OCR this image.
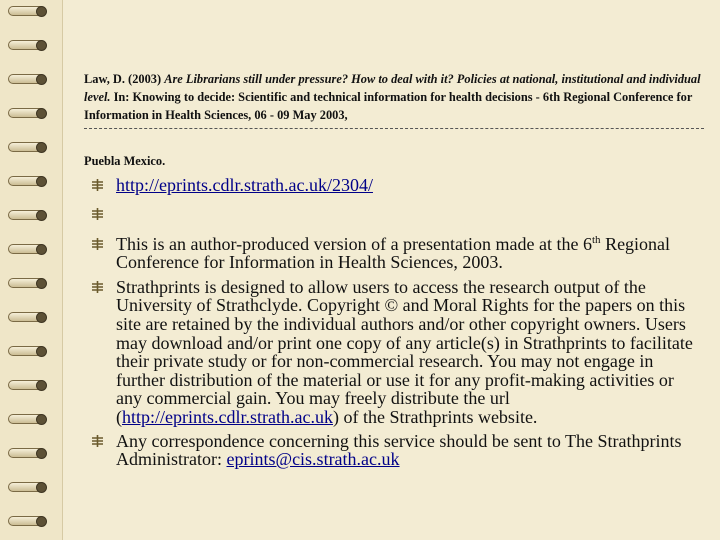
Law, D. (2003) Are Librarians still under pressure? How to deal with it? Policies at national, institutional and individual level. In: Knowing to decide: Scientific and technical information for health decisions - 6th Regional Conference for Information in Health Sciences, 06 - 09 May 2003,
Puebla Mexico.
http://eprints.cdlr.strath.ac.uk/2304/
This is an author-produced version of a presentation made at the 6th Regional Conference for Information in Health Sciences, 2003.
Strathprints is designed to allow users to access the research output of the University of Strathclyde. Copyright © and Moral Rights for the papers on this site are retained by the individual authors and/or other copyright owners. Users may download and/or print one copy of any article(s) in Strathprints to facilitate their private study or for non-commercial research. You may not engage in further distribution of the material or use it for any profit-making activities or any commercial gain. You may freely distribute the url (http://eprints.cdlr.strath.ac.uk) of the Strathprints website.
Any correspondence concerning this service should be sent to The Strathprints Administrator: eprints@cis.strath.ac.uk
